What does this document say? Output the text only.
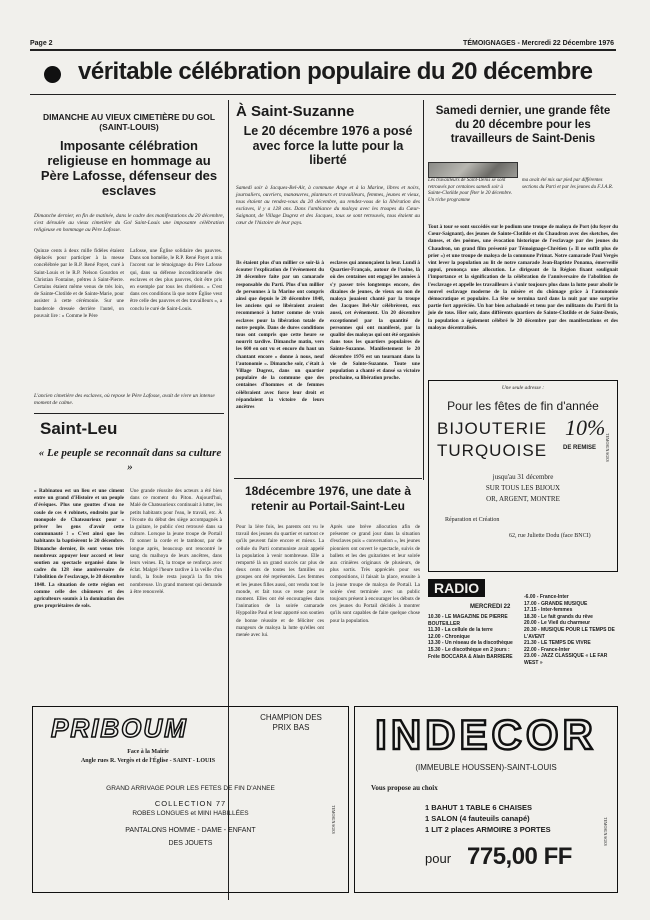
Page 2	TÉMOIGNAGES - Mercredi 22 Décembre 1976
véritable célébration populaire du 20 décembre
DIMANCHE AU VIEUX CIMETIÈRE DU GOL (SAINT-LOUIS)
Imposante célébration religieuse en hommage au Père Lafosse, défenseur des esclaves
Dimanche dernier, en fin de matinée, dans le cadre des manifestations du 20 décembre, s'est déroulée au vieux cimetière du Gol Saint-Louis une imposante célébration religieuse en hommage au Père Lafosse.
Quinze cents à deux mille fidèles étaient déplacés pour participer à la messe concélébrée par le R.P. René Payet, curé à Saint-Louis et le R.P. Nelson Gourdon et Christian Fontaine, prêtres à Saint-Pierre. Certains étaient même venus de très loin, de Sainte-Clotilde et de Sainte-Marie, pour assister à cette cérémonie. Sur une banderole dressée derrière l'autel, on pouvait lire : « Comme le Père
Lafosse, une Église solidaire des pauvres. Dans son homélie, le R.P. René Payet a mis l'accent sur le témoignage du Père Lafosse qui, dans sa défense inconditionnelle des esclaves et des plus pauvres, doit être pris en exemple par tous les chrétiens. « C'est dans ces conditions là que notre Église veut être celle des pauvres et des travailleurs », a conclu le curé de Saint-Louis.
L'ancien cimetière des esclaves, où repose le Père Lafosse, avait de vivre un intense moment de calme.
Saint-Leu
« Le peuple se reconnaît dans sa culture »
« Rabinatou est un lieu et une ciment entre un grand d'Histoire et un peuple d'évêques. Plus une gouttes d'eau ne coule de ces 4 robinets, endroits par le monopole de Chateaurieux pour « priver les gens d'avoir cette communauté ! » C'est ainsi que les habitants la baptisèrent le 20 décembre. Dimanche dernier, ils sont venus très nombreux appuyer leur accord et leur soutien au spectacle organisé dans le cadre du 128 ème anniversaire de l'abolition de l'esclavage, le 20 décembre 1848. La situation de cette région est comme celle des chômeurs et des agriculteurs soumis à la domination des gros propriétaires de sols.
Une grande réussite des acteurs a été bien dans ce moment du Piton. Aujourd'hui, Malé de Chateaurieux continuait à lutter, les petits habitants pour l'eau, le travail, etc. À l'écoute du début des siège accompagnés à la guitare, le public s'est retrouvé dans sa culture. Lorsque la jeune troupe de Portail fit sonner la corde et le tambour, par de longue après, beaucoup ont rencontré le sang du malhoya de leurs ancêtres, dans leurs veines. Et, la troupe se renforça avec éclat. Malgré l'heure tardive à la veille d'un lundi, la foule resta jusqu'à la fin très nombreuse. Un grand moment qui demande à être renouvelé.
À Saint-Suzanne
Le 20 décembre 1976 a posé avec force la lutte pour la liberté
Samedi soir à Jacques-Bel-Air, à commune Ange et à la Marine, libres et noirs, journaliers, ouvriers, manœuvres, planteurs et travailleurs, femmes, jeunes et vieux, tous étaient au rendez-vous du 20 décembre, au rendez-vous de la libération des esclaves, il y a 128 ans. Dans l'ambiance du maloya avec les troupes du Cœur-Saignant, de Village Dugrez et des Jacques, tous se sont retrouvés, tous étaient au cœur de l'histoire de leur pays.
Ils étaient plus d'un millier ce soir-là à écouter l'explication de l'événement du 20 décembre faite par un camarade responsable du Parti. Plus d'un millier de personnes à la Marine ont compris ainsi que depuis le 20 décembre 1848, les anciens qui se libéraient avaient recommencé à lutter comme de vrais esclaves pour la libération totale de notre peuple. Dans de dures conditions tous ont compris que cette heure se nourrit tardive. Dimanche matin, vers les 600 en ont vu et encore du haut un chantant encore « donne à nous, neuf l'autonomie ». Dimanche soir, c'était à Village Dugrez, dans un quartier populaire de la commune que des centaines d'hommes et de femmes célébraient avec force leur droit et répandaient la victoire de leurs ancêtres
esclaves qui annonçaient la leur. Lundi à Quartier-Français, autour de l'usine, là où des centaines ont engagé les années à s'y passer très longtemps encore, des dizaines de jeunes, de vieux ou non de maloya jouaient chanté par la troupe des Jacques Bel-Air célébrèrent, eux aussi, cet événement. Un 20 décembre exceptionnel par la quantité de personnes qui ont manifesté, par la qualité des maloyas qui ont été organisés dans tous les quartiers populaires de Sainte-Suzanne. Manifestement le 20 décembre 1976 est un tournant dans la vie de Sainte-Suzanne. Toute une population a chanté et dansé sa victoire prochaine, sa libération proche.
18décembre 1976, une date à retenir au Portail-Saint-Leu
Pour la 1ère fois, les parents ont vu le travail des jeunes du quartier et surtout ce qu'ils peuvent faire encore et mieux. La cellule du Parti communiste avait appelé la population à venir nombreuse. Elle a remporté là un grand succès car plus de deux cents de toutes les familles ou groupes ont été représentés. Les femmes et les jeunes filles aussi, ont vendu tout le monde, et fait tous ce reste pour le moment. Elles ont été encouragées dans l'animation de la soirée camarade Hyppolite Paul et leur apporté son soutien de bonne réussite et de féliciter ces mangeurs de maloya la lutte qu'elles ont menée avec lui.
Après une brève allocution afin de présenter ce grand jour dans la situation d'esclaves puis « conversation », les jeunes pionniers ont ouvert le spectacle, suivis de ballets et les des guitaristes et leur soirée aux crinières originaux de plusieurs, de plus sortis. Très appréciés pour ses compositions, il faisait la place, ensuite à la jeune troupe de maloya de Portail. La soirée s'est terminée avec un public toujours présent à encourager les débuts de ces jeunes du Portail décidés à montrer qu'ils sont capables de faire quelque chose pour la population.
Samedi dernier, une grande fête du 20 décembre pour les travailleurs de Saint-Denis
Les travailleurs de Saint-Denis se sont retrouvés par centaines samedi soir à Sainte-Clotilde pour fêter le 20 décembre. Un riche programme
ma avait été mis sur pied par différentes sections du Parti et par les jeunes du F.J.A.R.
Tout à tour se sont succédés sur le podium une troupe de maloya de Port (du foyer du Cœur-Saignant), des jeunes de Sainte-Clotilde et du Chaudron avec des sketches, des danses, et des poèmes, une évocation historique de l'esclavage par des jeunes du Chaudron, un grand film présenté par Témoignage-Chrétien (« Il ne suffit plus de prier ») et une troupe de maloya de la commune Primat. Notre camarade Paul Vergès vint lever la population au lit de notre camarade Jean-Baptiste Ponama, émerveillé appui, prononça une allocution. Le dirigeant de la Région fixant soulignait l'importance et la signification de la célébration de l'anniversaire de l'abolition de l'esclavage et appelle les travailleurs à s'unir toujours plus dans la lutte pour abolir le nouvel esclavage moderne de la misère et du chômage grâce à l'autonomie démocratique et populaire. La fête se termina tard dans la nuit par une surprise partie fort appréciée. Un bar bien achalandé et tenu par des militants du Parti fit la joie de tous. Hier soir, dans différents quartiers de Sainte-Clotilde et de Saint-Denis, la population a également célébré le 20 décembre par des manifestations et des maloyas décentralisés.
Une seule adresse :
Pour les fêtes de fin d'année
BIJOUTERIE
TURQUOISE
10%
DE REMISE
jusqu'au 31 décembre
SUR TOUS LES BIJOUX
OR, ARGENT, MONTRE
Réparation et Création
62, rue Juliette Dodu (face BNCI)
TEMOIGNAGES
RADIO
MERCREDI 22
10.30 - LE MAGAZINE DE PIERRE BOUTEILLER
11.30 - La cellule de la terre
12.00 - Chronique
13.30 - Un réseau de la discothèque
15.30 - Le discothèque en 2 jours : Fréle BOCCARA & Alain BARRIERE
-6.00 - France-Inter
17.00 - GRANDE MUSIQUE
17.15 - Inter-femmes
18.30 - Le fait grands du rêve
20.00 - Le Vieil du charmeur
20.30 - MUSIQUE POUR LE TEMPS DE L'AVENT
21.30 - LE TEMPS DE VIVRE
22.00 - France-Inter
23.00 - JAZZ CLASSIQUE « LE FAR WEST »
PRIBOUM	CHAMPION DES PRIX BAS
Face à la Mairie
Angle rues R. Vergès et de l'Église - SAINT - LOUIS
GRAND ARRIVAGE POUR LES FETES DE FIN D'ANNEE
COLLECTION 77
ROBES LONGUES et MINI HABILLÉES
PANTALONS HOMME - DAME - ENFANT
DES JOUETS
TEMOIGNAGES
INDECOR
(IMMEUBLE HOUSSEN)-SAINT-LOUIS
Vous propose au choix
1 BAHUT 1 TABLE 6 CHAISES
1 SALON (4 fauteuils canapé)
1 LIT 2 places ARMOIRE 3 PORTES
pour 775,00 FF
TEMOIGNAGES
